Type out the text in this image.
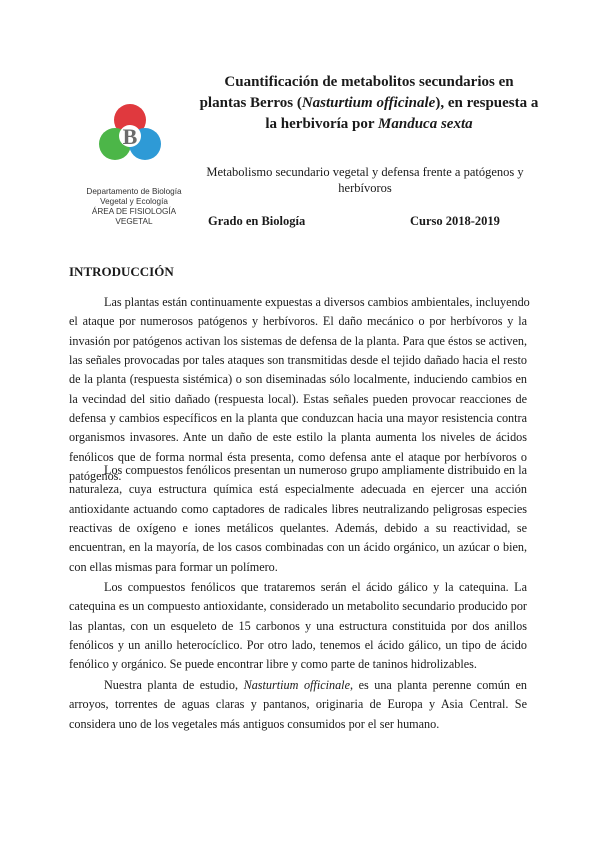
B
Departamento de Biología
Vegetal y Ecología
ÁREA DE FISIOLOGÍA
VEGETAL
Cuantificación de metabolitos secundarios en
plantas Berros (Nasturtium officinale), en respuesta a
la herbivoría por Manduca sexta
Metabolismo secundario vegetal y defensa frente a patógenos y herbívoros
Grado en Biología	Curso 2018-2019
INTRODUCCIÓN
Las plantas están continuamente expuestas a diversos cambios ambientales, incluyendo
el ataque por numerosos patógenos y herbívoros. El daño mecánico o por herbívoros y la
invasión por patógenos activan los sistemas de defensa de la planta. Para que éstos se activen,
las señales provocadas por tales ataques son transmitidas desde el tejido dañado hacia el resto
de la planta (respuesta sistémica) o son diseminadas sólo localmente, induciendo cambios en
la vecindad del sitio dañado (respuesta local). Estas señales pueden provocar reacciones de
defensa y cambios específicos en la planta que conduzcan hacia una mayor resistencia contra
organismos invasores. Ante un daño de este estilo la planta aumenta los niveles de ácidos
fenólicos que de forma normal ésta presenta, como defensa ante el ataque por herbívoros o
patógenos.
Los compuestos fenólicos presentan un numeroso grupo ampliamente distribuido en la
naturaleza, cuya estructura química está especialmente adecuada en ejercer una acción
antioxidante actuando como captadores de radicales libres neutralizando peligrosas especies
reactivas de oxígeno e iones metálicos quelantes. Además, debido a su reactividad, se
encuentran, en la mayoría, de los casos combinadas con un ácido orgánico, un azúcar o bien,
con ellas mismas para formar un polímero.
Los compuestos fenólicos que trataremos serán el ácido gálico y la catequina. La
catequina es un compuesto antioxidante, considerado un metabolito secundario producido por
las plantas, con un esqueleto de 15 carbonos y una estructura constituida por dos anillos
fenólicos y un anillo heterocíclico. Por otro lado, tenemos el ácido gálico, un tipo de ácido
fenólico y orgánico. Se puede encontrar libre y como parte de taninos hidrolizables.
Nuestra planta de estudio, Nasturtium officinale, es una planta perenne común en
arroyos, torrentes de aguas claras y pantanos, originaria de Europa y Asia Central. Se
considera uno de los vegetales más antiguos consumidos por el ser humano.
